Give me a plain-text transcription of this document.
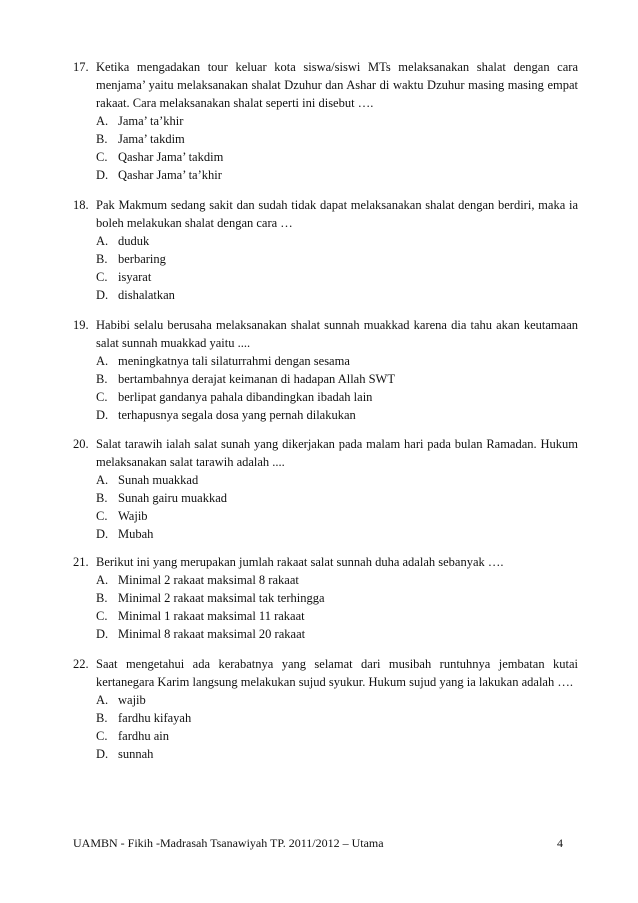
17. Ketika mengadakan tour keluar kota siswa/siswi MTs melaksanakan shalat dengan cara menjama’ yaitu melaksanakan shalat Dzuhur dan Ashar di waktu Dzuhur masing masing empat rakaat. Cara melaksanakan shalat seperti ini disebut ….
A. Jama’ ta’khir
B. Jama’ takdim
C. Qashar Jama’ takdim
D. Qashar Jama’ ta’khir
18. Pak Makmum sedang sakit dan sudah tidak dapat melaksanakan shalat dengan berdiri, maka ia boleh melakukan shalat dengan cara …
A. duduk
B. berbaring
C. isyarat
D. dishalatkan
19. Habibi selalu berusaha melaksanakan shalat sunnah muakkad karena dia tahu akan keutamaan salat sunnah muakkad yaitu ....
A. meningkatnya tali silaturrahmi dengan sesama
B. bertambahnya derajat keimanan di hadapan Allah SWT
C. berlipat gandanya pahala dibandingkan ibadah lain
D. terhapusnya segala dosa yang pernah dilakukan
20. Salat tarawih ialah salat sunah yang dikerjakan pada malam hari pada bulan Ramadan. Hukum melaksanakan salat tarawih adalah ....
A. Sunah muakkad
B. Sunah gairu muakkad
C. Wajib
D. Mubah
21. Berikut ini yang merupakan jumlah rakaat salat sunnah duha adalah sebanyak ….
A. Minimal 2 rakaat maksimal 8 rakaat
B. Minimal 2 rakaat maksimal tak terhingga
C. Minimal 1 rakaat maksimal 11 rakaat
D. Minimal 8 rakaat maksimal 20 rakaat
22. Saat mengetahui ada kerabatnya yang selamat dari musibah runtuhnya jembatan kutai kertanegara Karim langsung melakukan sujud syukur. Hukum sujud yang ia lakukan adalah ….
A. wajib
B. fardhu kifayah
C. fardhu ain
D. sunnah
UAMBN - Fikih -Madrasah Tsanawiyah TP. 2011/2012 – Utama	4
